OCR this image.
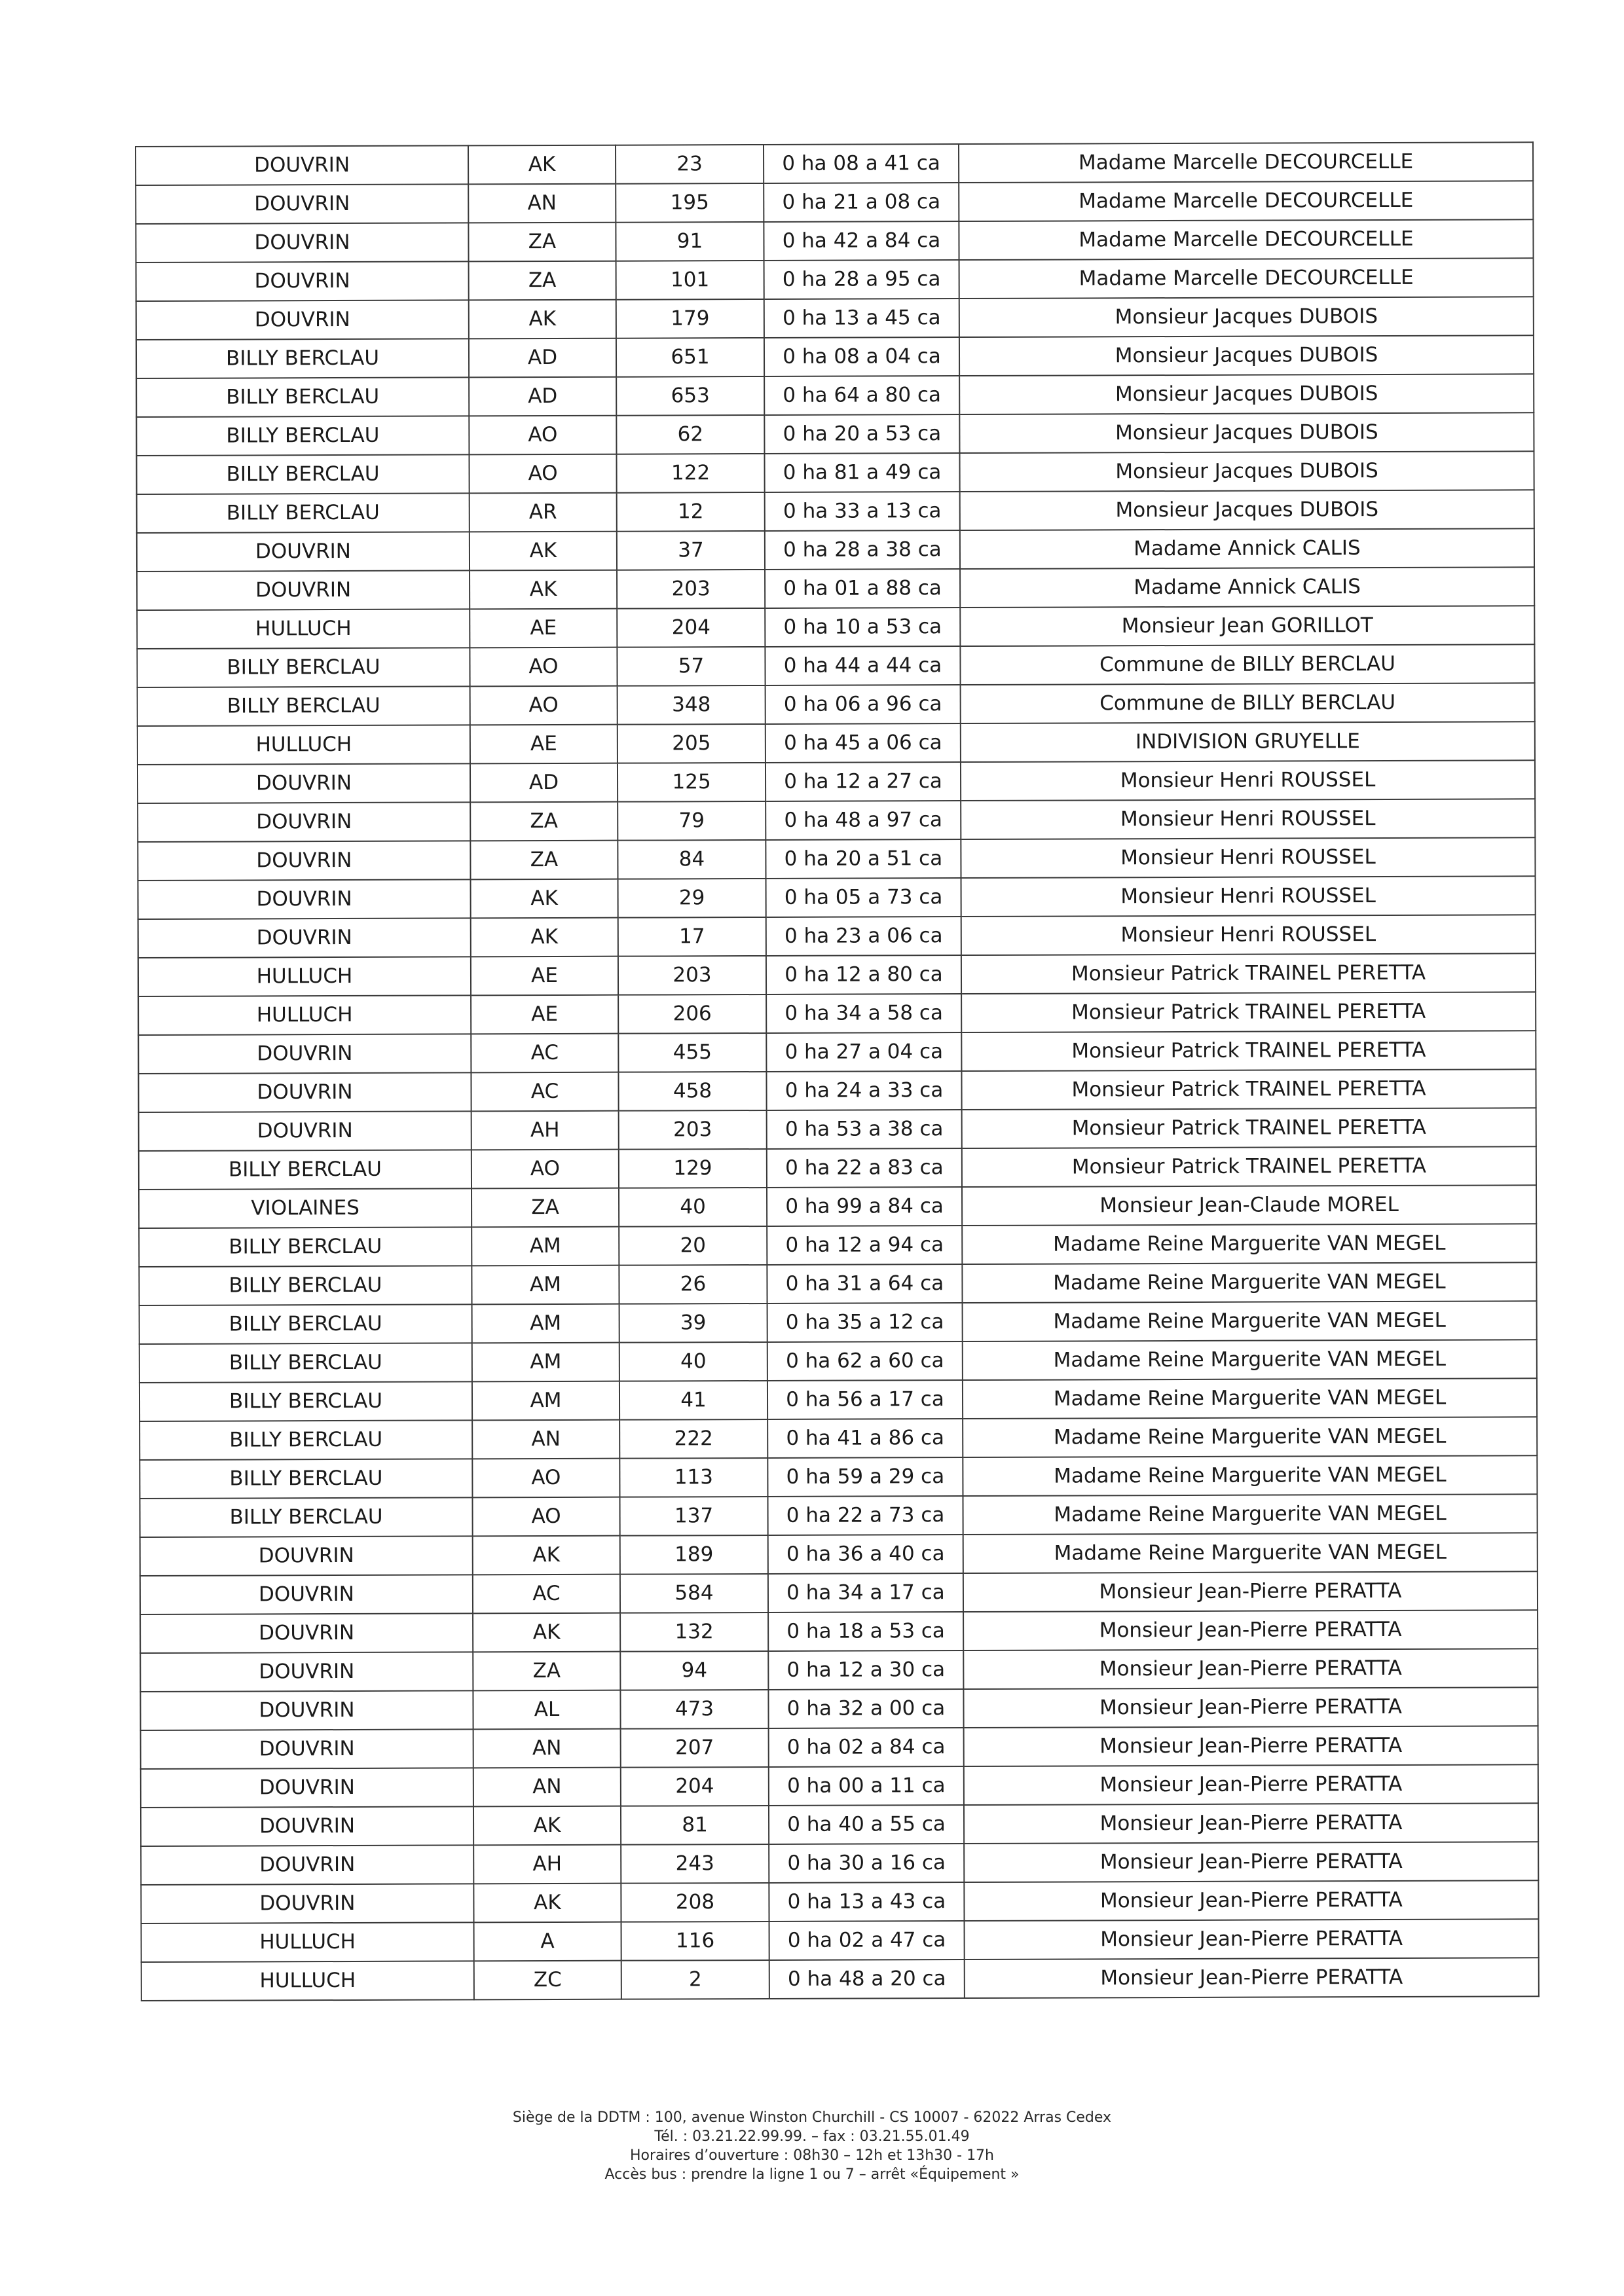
DOUVRIN	AK	23	0 ha 08 a 41 ca	Madame Marcelle DECOURCELLE
DOUVRIN	AN	195	0 ha 21 a 08 ca	Madame Marcelle DECOURCELLE
DOUVRIN	ZA	91	0 ha 42 a 84 ca	Madame Marcelle DECOURCELLE
DOUVRIN	ZA	101	0 ha 28 a 95 ca	Madame Marcelle DECOURCELLE
DOUVRIN	AK	179	0 ha 13 a 45 ca	Monsieur Jacques DUBOIS
BILLY BERCLAU	AD	651	0 ha 08 a 04 ca	Monsieur Jacques DUBOIS
BILLY BERCLAU	AD	653	0 ha 64 a 80 ca	Monsieur Jacques DUBOIS
BILLY BERCLAU	AO	62	0 ha 20 a 53 ca	Monsieur Jacques DUBOIS
BILLY BERCLAU	AO	122	0 ha 81 a 49 ca	Monsieur Jacques DUBOIS
BILLY BERCLAU	AR	12	0 ha 33 a 13 ca	Monsieur Jacques DUBOIS
DOUVRIN	AK	37	0 ha 28 a 38 ca	Madame Annick CALIS
DOUVRIN	AK	203	0 ha 01 a 88 ca	Madame Annick CALIS
HULLUCH	AE	204	0 ha 10 a 53 ca	Monsieur Jean GORILLOT
BILLY BERCLAU	AO	57	0 ha 44 a 44 ca	Commune de BILLY BERCLAU
BILLY BERCLAU	AO	348	0 ha 06 a 96 ca	Commune de BILLY BERCLAU
HULLUCH	AE	205	0 ha 45 a 06 ca	INDIVISION GRUYELLE
DOUVRIN	AD	125	0 ha 12 a 27 ca	Monsieur Henri ROUSSEL
DOUVRIN	ZA	79	0 ha 48 a 97 ca	Monsieur Henri ROUSSEL
DOUVRIN	ZA	84	0 ha 20 a 51 ca	Monsieur Henri ROUSSEL
DOUVRIN	AK	29	0 ha 05 a 73 ca	Monsieur Henri ROUSSEL
DOUVRIN	AK	17	0 ha 23 a 06 ca	Monsieur Henri ROUSSEL
HULLUCH	AE	203	0 ha 12 a 80 ca	Monsieur Patrick TRAINEL PERETTA
HULLUCH	AE	206	0 ha 34 a 58 ca	Monsieur Patrick TRAINEL PERETTA
DOUVRIN	AC	455	0 ha 27 a 04 ca	Monsieur Patrick TRAINEL PERETTA
DOUVRIN	AC	458	0 ha 24 a 33 ca	Monsieur Patrick TRAINEL PERETTA
DOUVRIN	AH	203	0 ha 53 a 38 ca	Monsieur Patrick TRAINEL PERETTA
BILLY BERCLAU	AO	129	0 ha 22 a 83 ca	Monsieur Patrick TRAINEL PERETTA
VIOLAINES	ZA	40	0 ha 99 a 84 ca	Monsieur Jean-Claude MOREL
BILLY BERCLAU	AM	20	0 ha 12 a 94 ca	Madame Reine Marguerite VAN MEGEL
BILLY BERCLAU	AM	26	0 ha 31 a 64 ca	Madame Reine Marguerite VAN MEGEL
BILLY BERCLAU	AM	39	0 ha 35 a 12 ca	Madame Reine Marguerite VAN MEGEL
BILLY BERCLAU	AM	40	0 ha 62 a 60 ca	Madame Reine Marguerite VAN MEGEL
BILLY BERCLAU	AM	41	0 ha 56 a 17 ca	Madame Reine Marguerite VAN MEGEL
BILLY BERCLAU	AN	222	0 ha 41 a 86 ca	Madame Reine Marguerite VAN MEGEL
BILLY BERCLAU	AO	113	0 ha 59 a 29 ca	Madame Reine Marguerite VAN MEGEL
BILLY BERCLAU	AO	137	0 ha 22 a 73 ca	Madame Reine Marguerite VAN MEGEL
DOUVRIN	AK	189	0 ha 36 a 40 ca	Madame Reine Marguerite VAN MEGEL
DOUVRIN	AC	584	0 ha 34 a 17 ca	Monsieur Jean-Pierre PERATTA
DOUVRIN	AK	132	0 ha 18 a 53 ca	Monsieur Jean-Pierre PERATTA
DOUVRIN	ZA	94	0 ha 12 a 30 ca	Monsieur Jean-Pierre PERATTA
DOUVRIN	AL	473	0 ha 32 a 00 ca	Monsieur Jean-Pierre PERATTA
DOUVRIN	AN	207	0 ha 02 a 84 ca	Monsieur Jean-Pierre PERATTA
DOUVRIN	AN	204	0 ha 00 a 11 ca	Monsieur Jean-Pierre PERATTA
DOUVRIN	AK	81	0 ha 40 a 55 ca	Monsieur Jean-Pierre PERATTA
DOUVRIN	AH	243	0 ha 30 a 16 ca	Monsieur Jean-Pierre PERATTA
DOUVRIN	AK	208	0 ha 13 a 43 ca	Monsieur Jean-Pierre PERATTA
HULLUCH	A	116	0 ha 02 a 47 ca	Monsieur Jean-Pierre PERATTA
HULLUCH	ZC	2	0 ha 48 a 20 ca	Monsieur Jean-Pierre PERATTA
Siège de la DDTM : 100, avenue Winston Churchill - CS 10007 - 62022 Arras Cedex
Tél. : 03.21.22.99.99. – fax : 03.21.55.01.49
Horaires d’ouverture : 08h30 – 12h et 13h30 - 17h
Accès bus : prendre la ligne 1 ou 7 – arrêt «Équipement »
